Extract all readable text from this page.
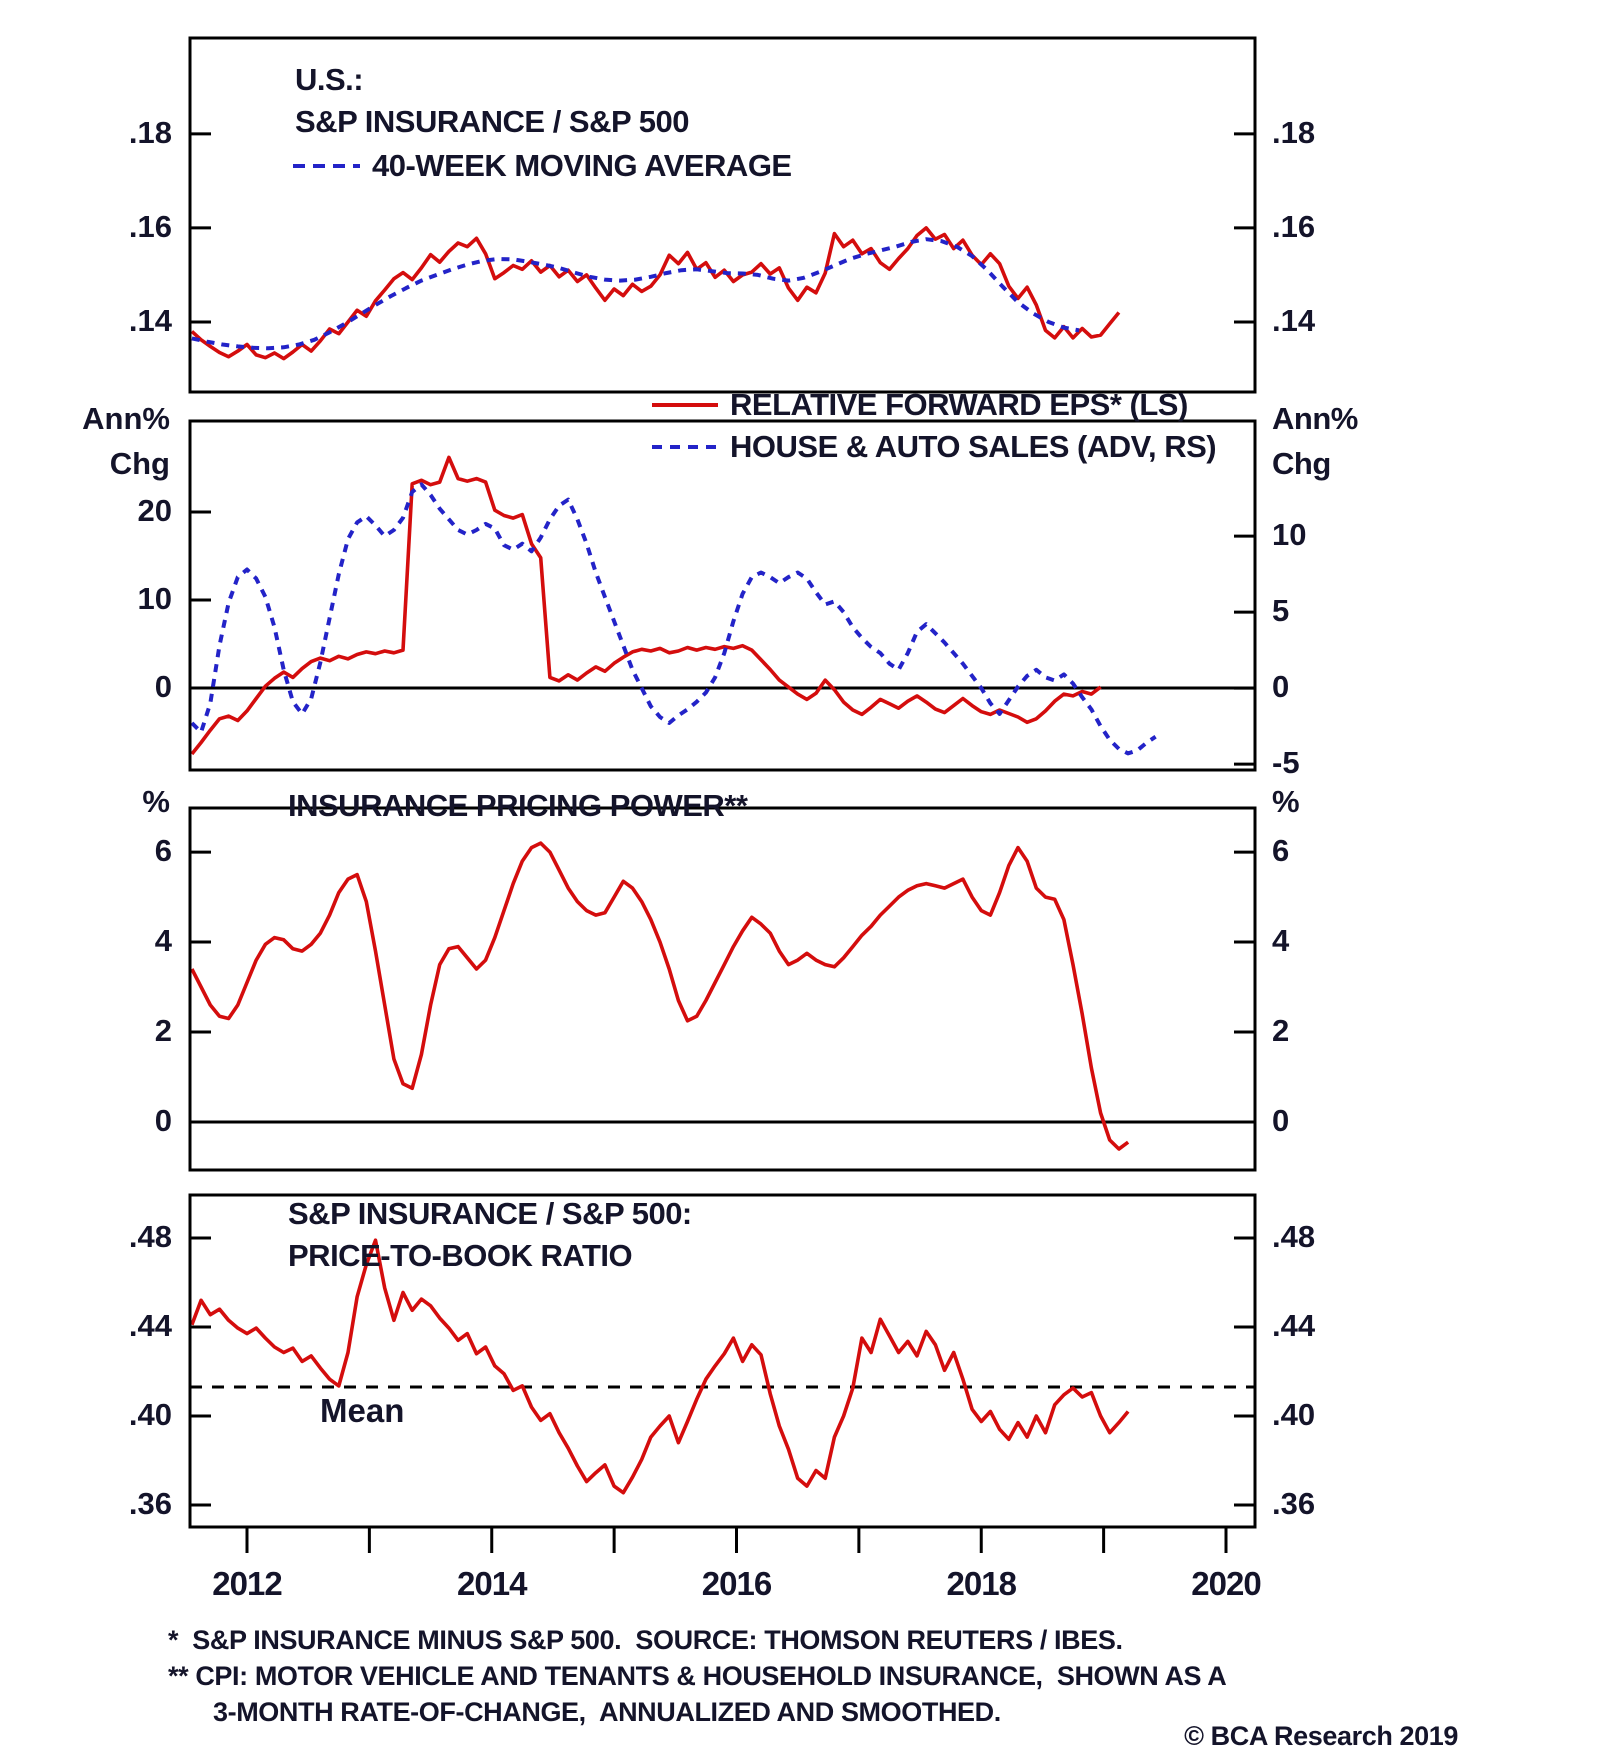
U.S.:
S&P INSURANCE / S&P 500
40-WEEK MOVING AVERAGE
RELATIVE FORWARD EPS* (LS)
HOUSE & AUTO SALES (ADV, RS)
Ann%
Chg
Ann%
Chg
INSURANCE PRICING POWER**
%	%
S&P INSURANCE / S&P 500:
PRICE-TO-BOOK RATIO
Mean
*  S&P INSURANCE MINUS S&P 500.  SOURCE: THOMSON REUTERS / IBES.
** CPI: MOTOR VEHICLE AND TENANTS & HOUSEHOLD INSURANCE,  SHOWN AS A
3-MONTH RATE-OF-CHANGE,  ANNUALIZED AND SMOOTHED.
© BCA Research 2019
.18
.16
.14
.18
.16
.14
20
10
0
10
5
0
-5
6
4
2
0
6
4
2
0
.48
.44
.40
.36
.48
.44
.40
.36
2012	2014	2016	2018	2020
